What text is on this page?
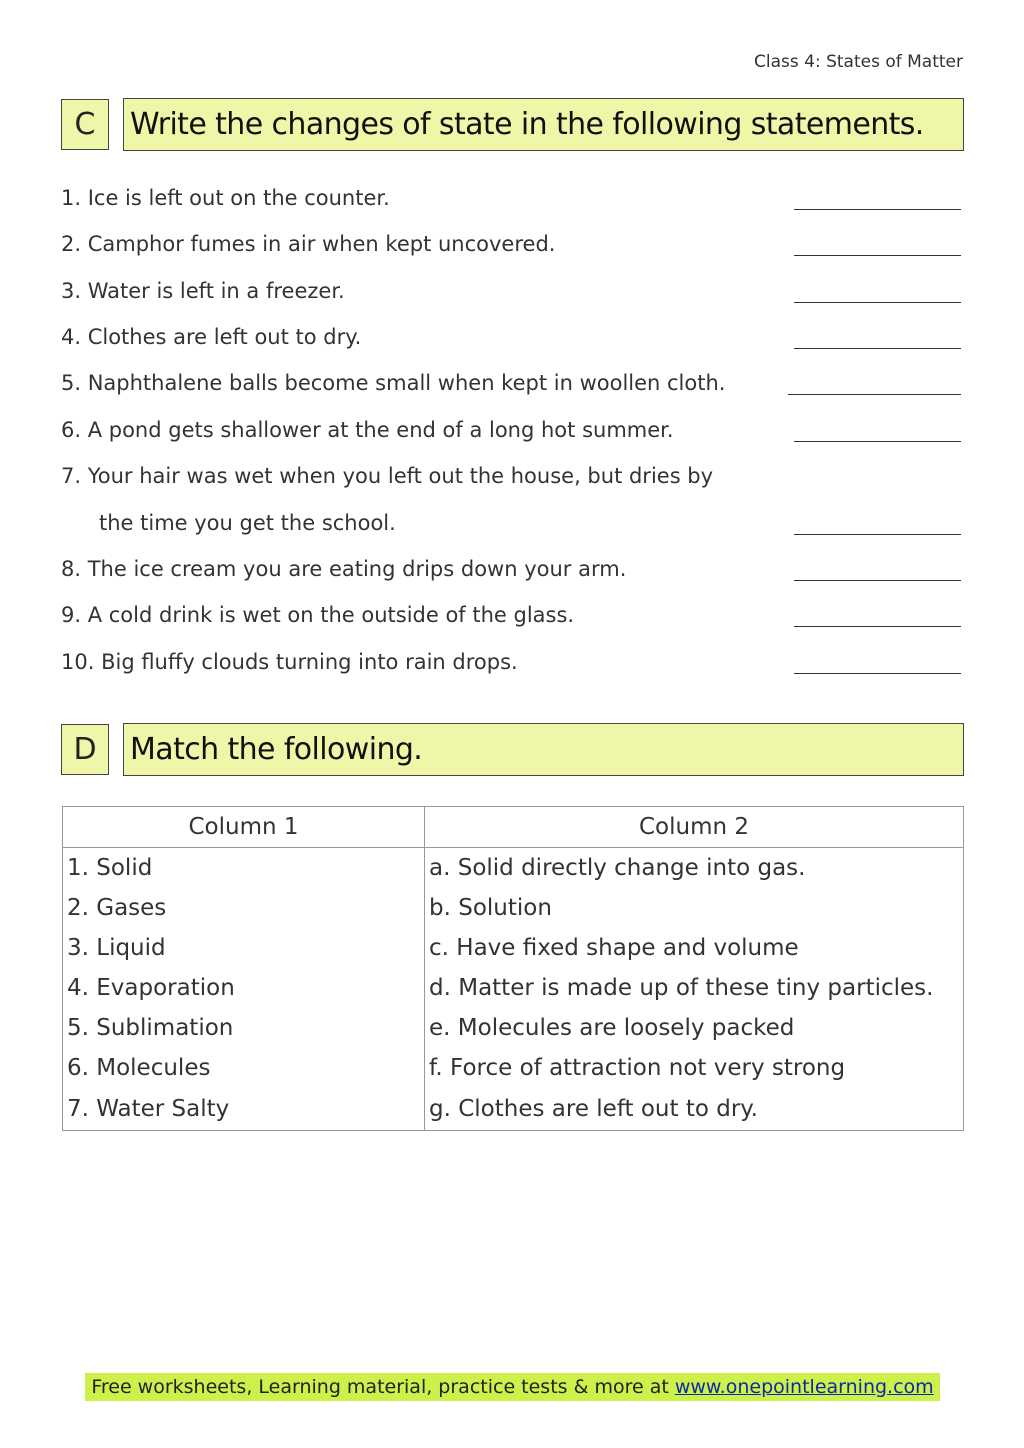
Class 4: States of Matter
C	Write the changes of state in the following statements.
1. Ice is left out on the counter.
2. Camphor fumes in air when kept uncovered.
3. Water is left in a freezer.
4. Clothes are left out to dry.
5. Naphthalene balls become small when kept in woollen cloth.
6. A pond gets shallower at the end of a long hot summer.
7. Your hair was wet when you left out the house, but dries by
the time you get the school.
8. The ice cream you are eating drips down your arm.
9. A cold drink is wet on the outside of the glass.
10. Big fluffy clouds turning into rain drops.
D	Match the following.
Column 1	Column 2
1. Solid	a. Solid directly change into gas.
2. Gases	b. Solution
3. Liquid	c. Have fixed shape and volume
4. Evaporation	d. Matter is made up of these tiny particles.
5. Sublimation	e. Molecules are loosely packed
6. Molecules	f. Force of attraction not very strong
7. Water Salty	g. Clothes are left out to dry.
Free worksheets, Learning material, practice tests & more at www.onepointlearning.com
